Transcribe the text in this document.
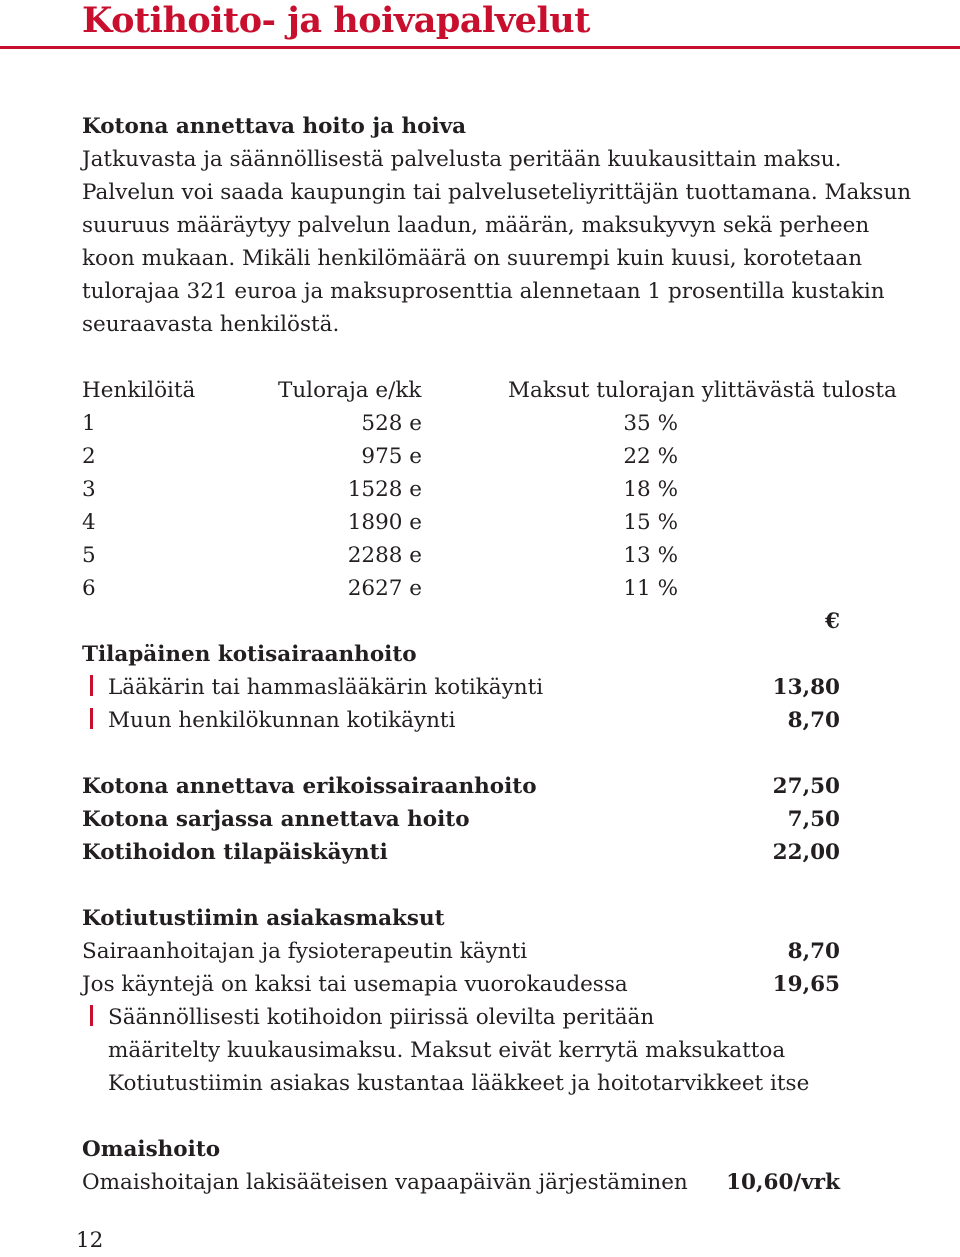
Kotihoito- ja hoivapalvelut
Kotona annettava hoito ja hoiva
Jatkuvasta ja säännöllisestä palvelusta peritään kuukausittain maksu.
Palvelun voi saada kaupungin tai palveluseteliyrittäjän tuottamana. Maksun
suuruus määräytyy palvelun laadun, määrän, maksukyvyn sekä perheen
koon mukaan. Mikäli henkilömäärä on suurempi kuin kuusi, korotetaan
tulorajaa 321 euroa ja maksuprosenttia alennetaan 1 prosentilla kustakin
seuraavasta henkilöstä.
Henkilöitä	Tuloraja e/kk	Maksut tulorajan ylittävästä tulosta
1	528 e	35 %
2	975 e	22 %
3	1528 e	18 %
4	1890 e	15 %
5	2288 e	13 %
6	2627 e	11 %
€
Tilapäinen kotisairaanhoito
Lääkärin tai hammaslääkärin kotikäynti	13,80
Muun henkilökunnan kotikäynti	8,70
Kotona annettava erikoissairaanhoito	27,50
Kotona sarjassa annettava hoito	7,50
Kotihoidon tilapäiskäynti	22,00
Kotiutustiimin asiakasmaksut
Sairaanhoitajan ja fysioterapeutin käynti	8,70
Jos käyntejä on kaksi tai usemapia vuorokaudessa	19,65
Säännöllisesti kotihoidon piirissä olevilta peritään
määritelty kuukausimaksu. Maksut eivät kerrytä maksukattoa
Kotiutustiimin asiakas kustantaa lääkkeet ja hoitotarvikkeet itse
Omaishoito
Omaishoitajan lakisääteisen vapaapäivän järjestäminen	10,60/vrk
12
